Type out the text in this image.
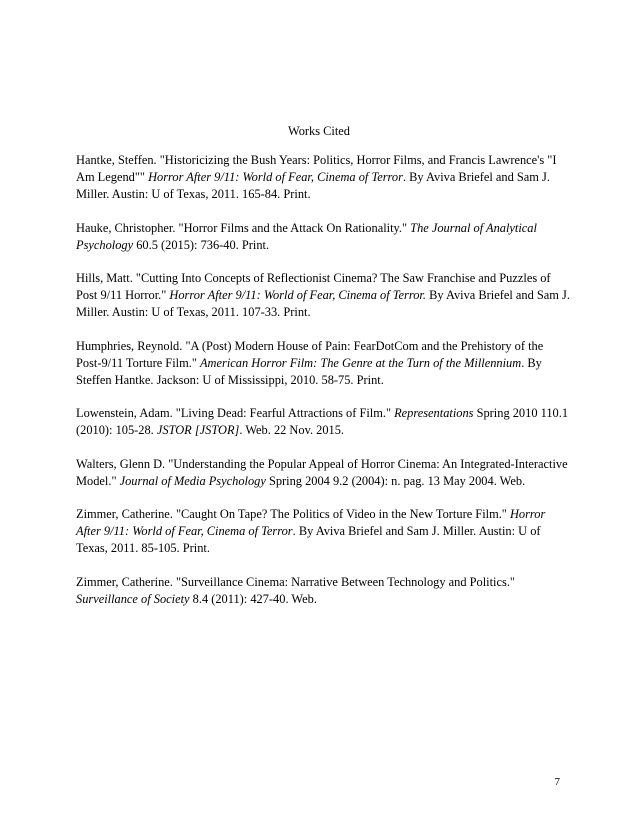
Works Cited

Hantke, Steffen. "Historicizing the Bush Years: Politics, Horror Films, and Francis Lawrence's "I Am Legend"" Horror After 9/11: World of Fear, Cinema of Terror. By Aviva Briefel and Sam J. Miller. Austin: U of Texas, 2011. 165-84. Print.

Hauke, Christopher. "Horror Films and the Attack On Rationality." The Journal of Analytical Psychology 60.5 (2015): 736-40. Print.

Hills, Matt. "Cutting Into Concepts of Reflectionist Cinema? The Saw Franchise and Puzzles of Post 9/11 Horror." Horror After 9/11: World of Fear, Cinema of Terror. By Aviva Briefel and Sam J. Miller. Austin: U of Texas, 2011. 107-33. Print.

Humphries, Reynold. "A (Post) Modern House of Pain: FearDotCom and the Prehistory of the Post-9/11 Torture Film." American Horror Film: The Genre at the Turn of the Millennium. By Steffen Hantke. Jackson: U of Mississippi, 2010. 58-75. Print.

Lowenstein, Adam. "Living Dead: Fearful Attractions of Film." Representations Spring 2010 110.1 (2010): 105-28. JSTOR [JSTOR]. Web. 22 Nov. 2015.

Walters, Glenn D. "Understanding the Popular Appeal of Horror Cinema: An Integrated-Interactive Model." Journal of Media Psychology Spring 2004 9.2 (2004): n. pag. 13 May 2004. Web.

Zimmer, Catherine. "Caught On Tape? The Politics of Video in the New Torture Film." Horror After 9/11: World of Fear, Cinema of Terror. By Aviva Briefel and Sam J. Miller. Austin: U of Texas, 2011. 85-105. Print.

Zimmer, Catherine. "Surveillance Cinema: Narrative Between Technology and Politics." Surveillance of Society 8.4 (2011): 427-40. Web.

7
